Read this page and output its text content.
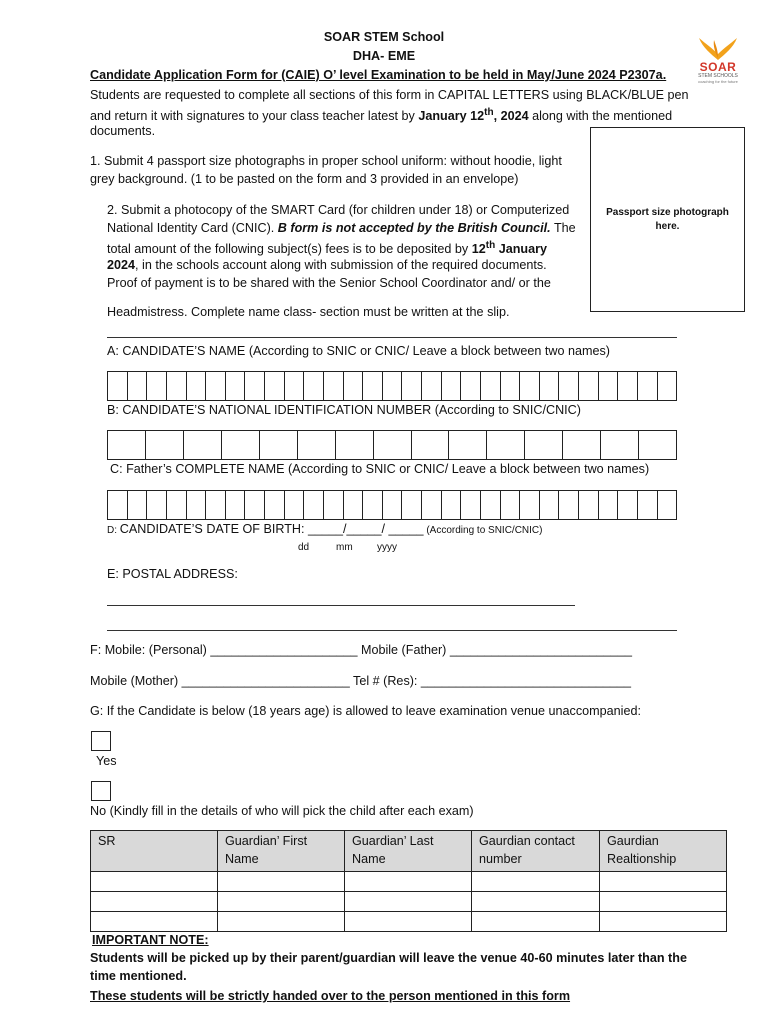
SOAR STEM School
DHA- EME
Candidate Application Form for (CAIE) O’ level Examination to be held in May/June 2024 P2307a.
SOAR
STEM SCHOOLS
coaching for the future
Students are requested to complete all sections of this form in CAPITAL LETTERS using BLACK/BLUE pen
and return it with signatures to your class teacher latest by January 12th, 2024 along with the mentioned
documents.
1. Submit 4 passport size photographs in proper school uniform: without hoodie, light
grey background. (1 to be pasted on the form and 3 provided in an envelope)
2. Submit a photocopy of the SMART Card (for children under 18) or Computerized
National Identity Card (CNIC). B form is not accepted by the British Council. The
total amount of the following subject(s) fees is to be deposited by 12th January
2024, in the schools account along with submission of the required documents.
Proof of payment is to be shared with the Senior School Coordinator and/ or the
Headmistress. Complete name class- section must be written at the slip.
Passport size photograph
here.
A: CANDIDATE’S NAME (According to SNIC or CNIC/ Leave a block between two names)
B: CANDIDATE’S NATIONAL IDENTIFICATION NUMBER (According to SNIC/CNIC)
C: Father’s COMPLETE NAME (According to SNIC or CNIC/ Leave a block between two names)
D: CANDIDATE’S DATE OF BIRTH: _____/_____/ _____ (According to SNIC/CNIC)
dd	mm yyyy
E: POSTAL ADDRESS:
F: Mobile: (Personal) _____________________ Mobile (Father) __________________________
Mobile (Mother) ________________________ Tel # (Res): ______________________________
G: If the Candidate is below (18 years age) is allowed to leave examination venue unaccompanied:
Yes
No (Kindly fill in the details of who will pick the child after each exam)
SR	Guardian’ First Name	Guardian’ Last Name	Gaurdian contact number	Gaurdian Realtionship

IMPORTANT NOTE:
Students will be picked up by their parent/guardian will leave the venue 40-60 minutes later than the
time mentioned.
These students will be strictly handed over to the person mentioned in this form
